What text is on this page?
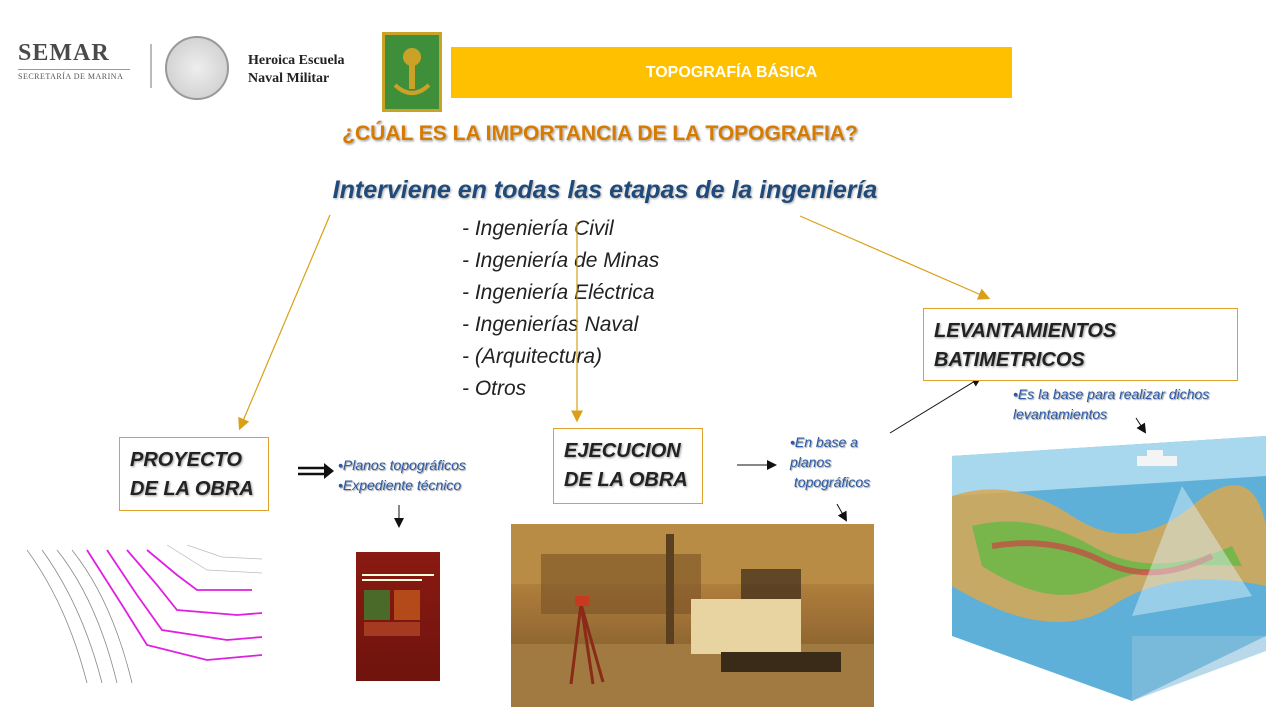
SEMAR
SECRETARÍA DE MARINA
Heroica Escuela
Naval Militar	TOPOGRAFÍA BÁSICA
¿CÚAL ES LA IMPORTANCIA DE LA TOPOGRAFIA?
Interviene en todas las etapas de la ingeniería
- Ingeniería Civil
- Ingeniería de Minas
- Ingeniería Eléctrica
- Ingenierías Naval
- (Arquitectura)
- Otros
PROYECTO
DE LA OBRA
EJECUCION
DE LA OBRA
LEVANTAMIENTOS
BATIMETRICOS
•Planos topográficos
•Expediente técnico
•En base a
planos
topográficos
•Es la base para realizar dichos
levantamientos
